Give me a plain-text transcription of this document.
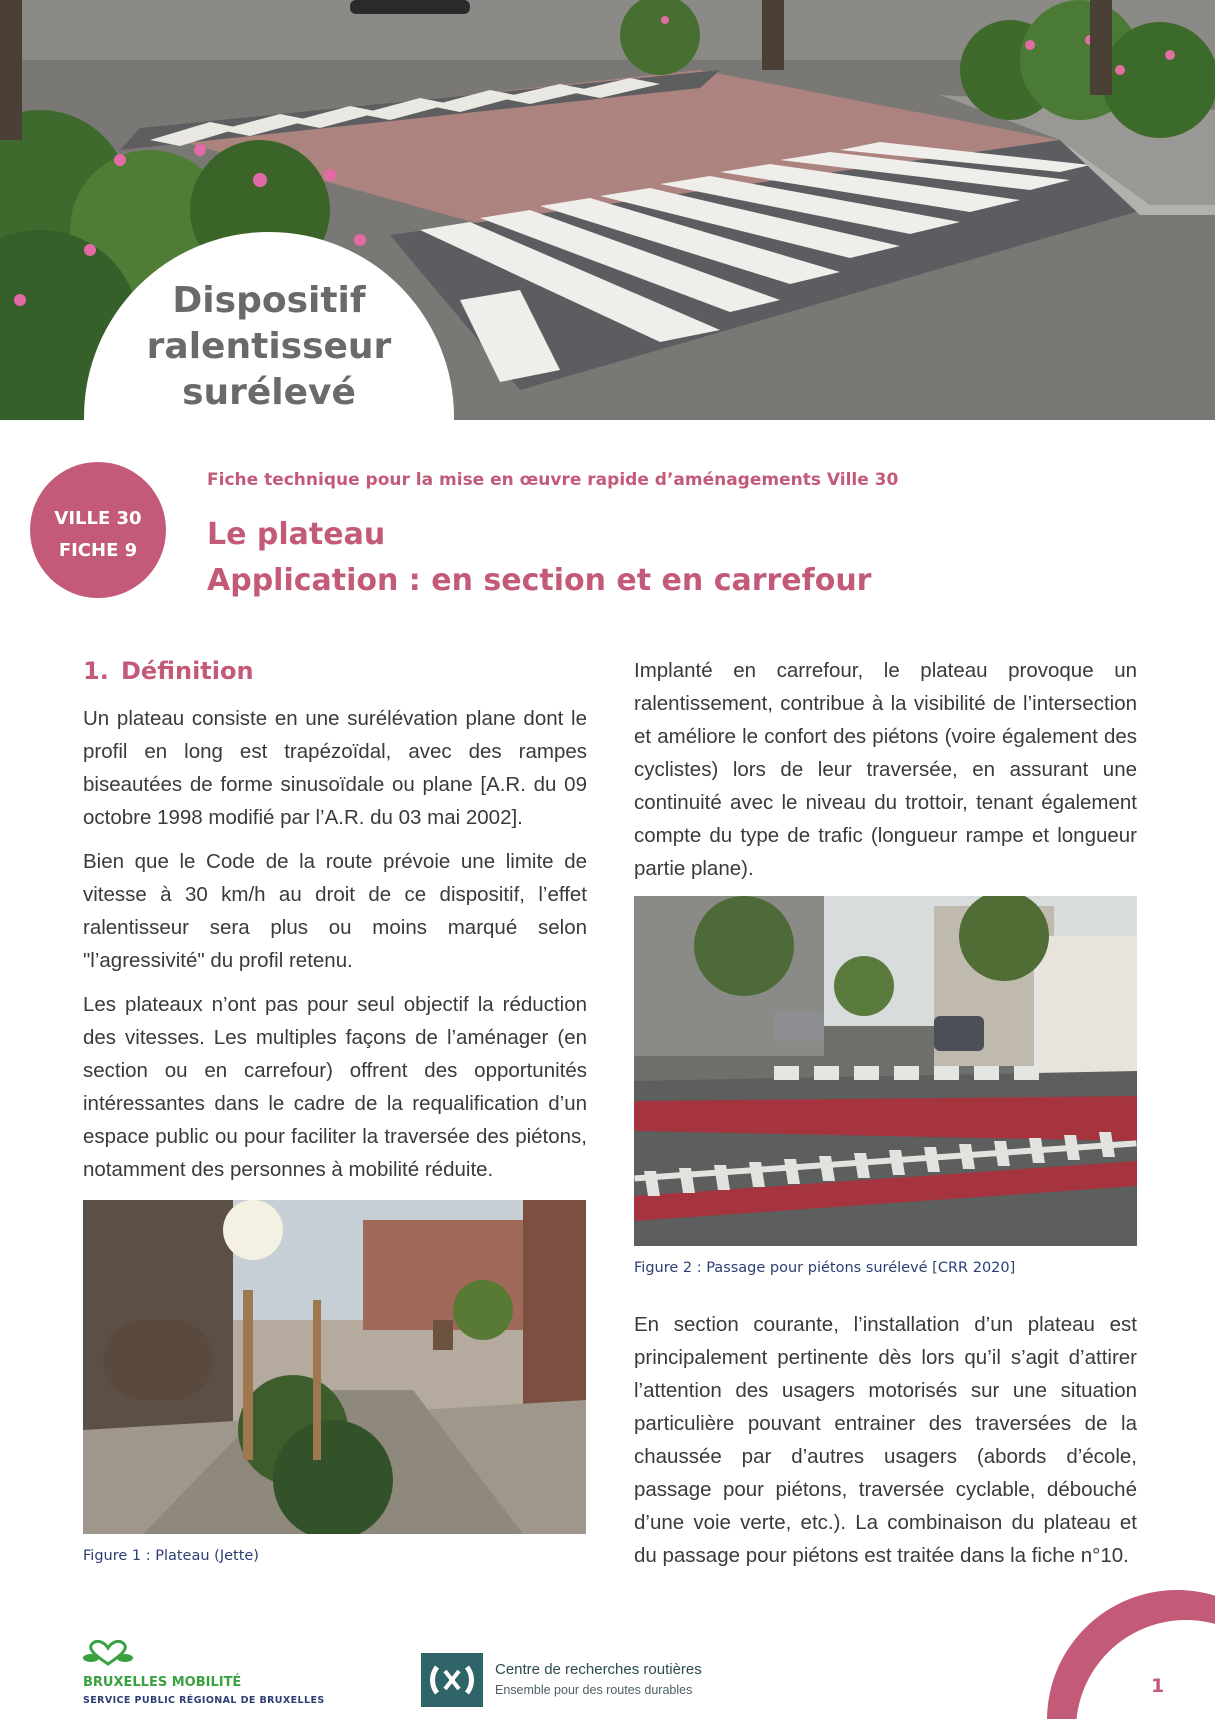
Dispositif
ralentisseur
surélevé
VILLE 30
FICHE 9
Fiche technique pour la mise en œuvre rapide d’aménagements Ville 30
Le plateau
Application : en section et en carrefour
1. Définition

Un plateau consiste en une surélévation plane dont le profil en long est trapézoïdal, avec des rampes biseautées de forme sinusoïdale ou plane [A.R. du 09 octobre 1998 modifié par l’A.R. du 03 mai 2002].

Bien que le Code de la route prévoie une limite de vitesse à 30 km/h au droit de ce dispositif, l’effet ralentisseur sera plus ou moins marqué selon "l’agressivité" du profil retenu.

Les plateaux n’ont pas pour seul objectif la réduction des vitesses. Les multiples façons de l’aménager (en section ou en carrefour) offrent des opportunités intéressantes dans le cadre de la requalification d’un espace public ou pour faciliter la traversée des piétons, notamment des personnes à mobilité réduite.

Figure 1 : Plateau (Jette)

Implanté en carrefour, le plateau provoque un ralentissement, contribue à la visibilité de l’intersection et améliore le confort des piétons (voire également des cyclistes) lors de leur traversée, en assurant une continuité avec le niveau du trottoir, tenant également compte du type de trafic (longueur rampe et longueur partie plane).

Figure 2 : Passage pour piétons surélevé [CRR 2020]

En section courante, l’installation d’un plateau est principalement pertinente dès lors qu’il s’agit d’attirer l’attention des usagers motorisés sur une situation particulière pouvant entrainer des traversées de la chaussée par d’autres usagers (abords d’école, passage pour piétons, traversée cyclable, débouché d’une voie verte, etc.). La combinaison du plateau et du passage pour piétons est traitée dans la fiche n°10.

BRUXELLES MOBILITÉ
SERVICE PUBLIC RÉGIONAL DE BRUXELLES
Centre de recherches routières
Ensemble pour des routes durables	1
